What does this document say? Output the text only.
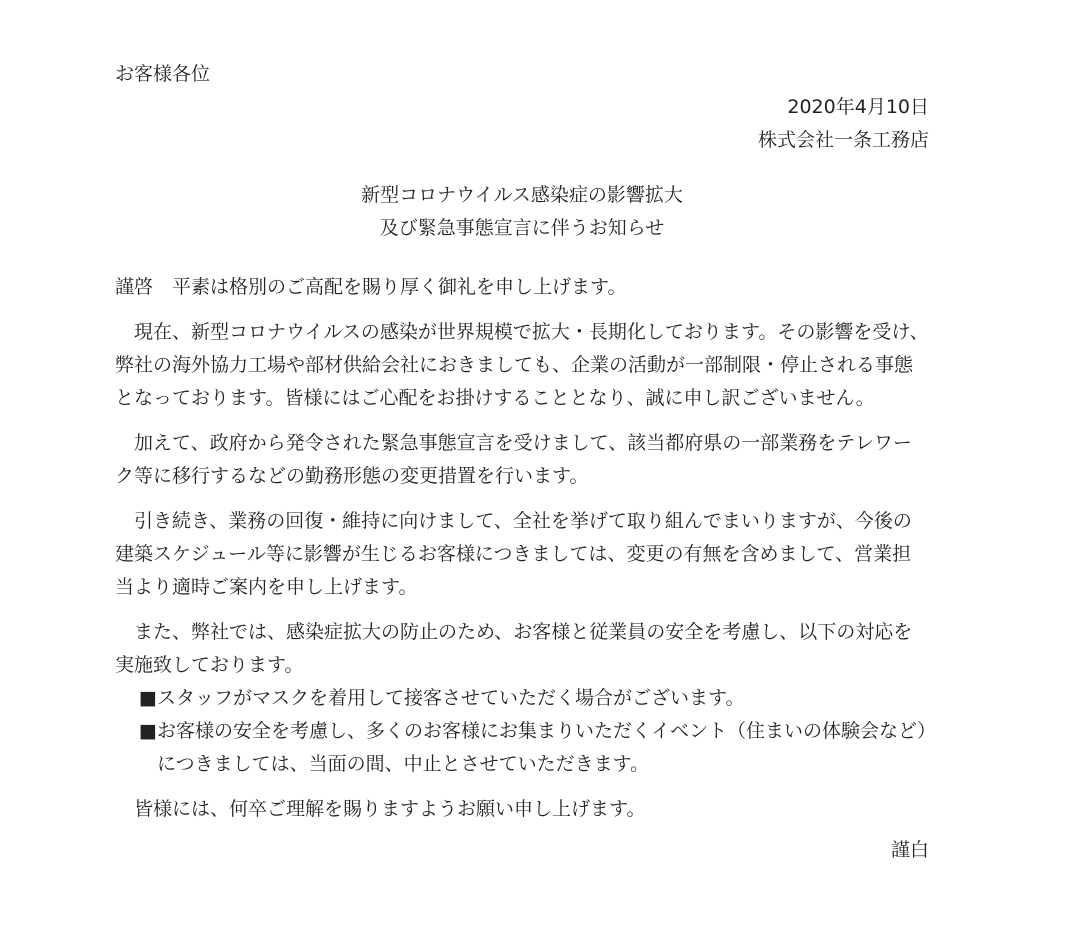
お客様各位
2020年4月10日
株式会社一条工務店
新型コロナウイルス感染症の影響拡大
及び緊急事態宣言に伴うお知らせ
謹啓　平素は格別のご高配を賜り厚く御礼を申し上げます。

現在、新型コロナウイルスの感染が世界規模で拡大・長期化しております。その影響を受け、弊社の海外協力工場や部材供給会社におきましても、企業の活動が一部制限・停止される事態となっております。皆様にはご心配をお掛けすることとなり、誠に申し訳ございません。

加えて、政府から発令された緊急事態宣言を受けまして、該当都府県の一部業務をテレワーク等に移行するなどの勤務形態の変更措置を行います。

引き続き、業務の回復・維持に向けまして、全社を挙げて取り組んでまいりますが、今後の建築スケジュール等に影響が生じるお客様につきましては、変更の有無を含めまして、営業担当より適時ご案内を申し上げます。

また、弊社では、感染症拡大の防止のため、お客様と従業員の安全を考慮し、以下の対応を実施致しております。

■ スタッフがマスクを着用して接客させていただく場合がございます。
■ お客様の安全を考慮し、多くのお客様にお集まりいただくイベント（住まいの体験会など）につきましては、当面の間、中止とさせていただきます。

皆様には、何卒ご理解を賜りますようお願い申し上げます。

謹白
